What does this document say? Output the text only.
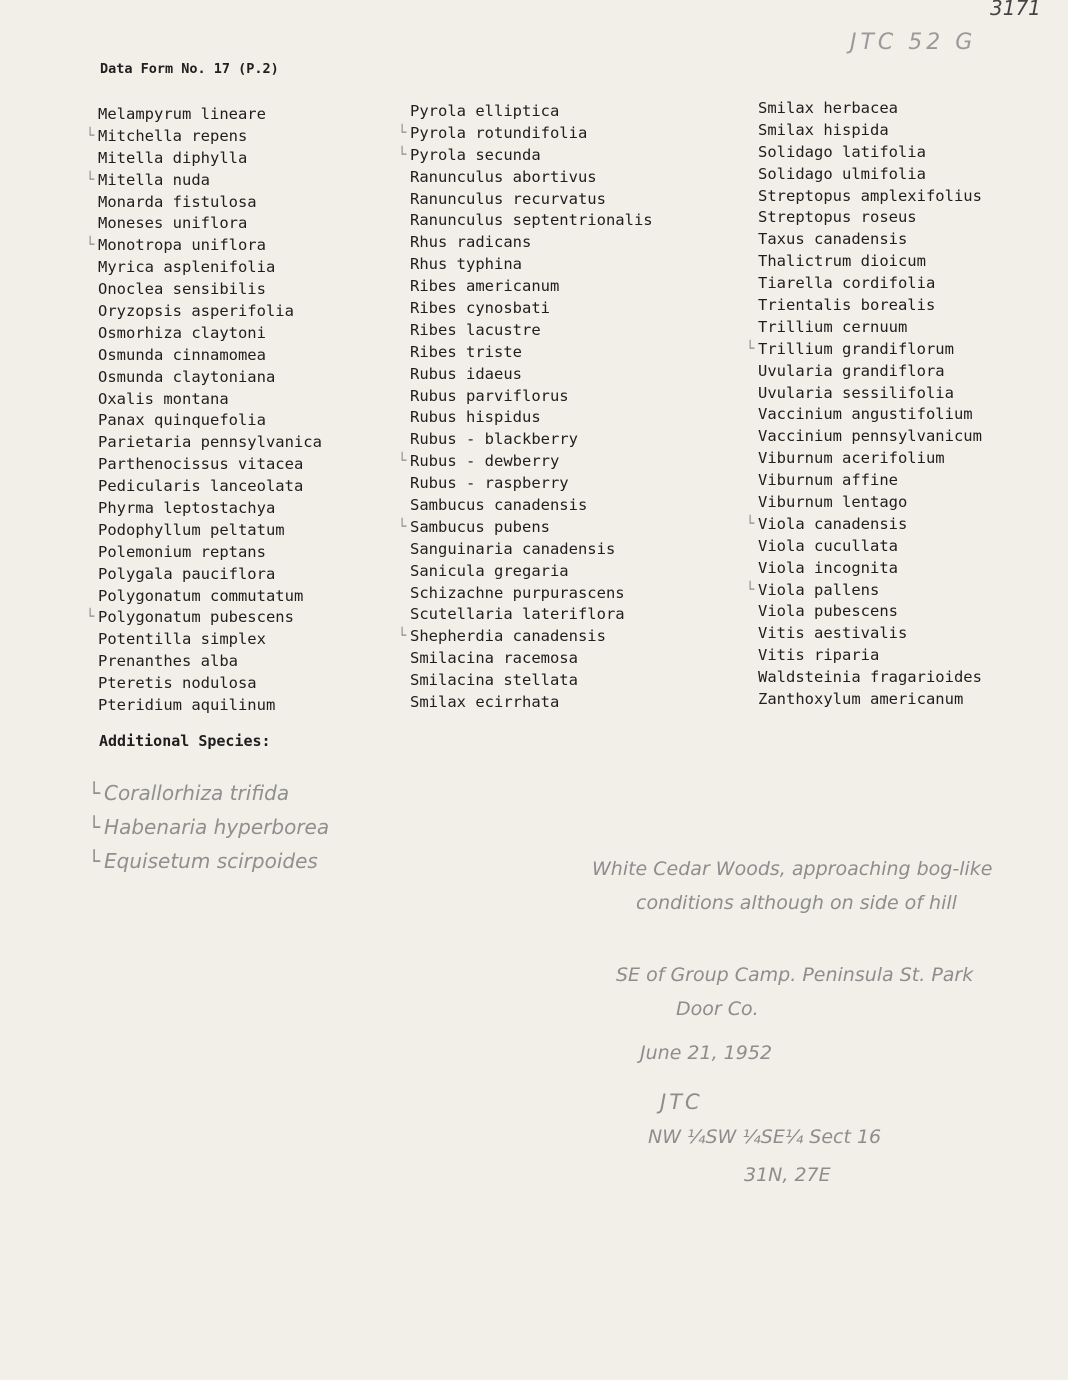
3171
JTC 52 G
Data Form No. 17 (P.2)
Melampyrum lineare
└ Mitchella repens
Mitella diphylla
└ Mitella nuda
Monarda fistulosa
Moneses uniflora
└ Monotropa uniflora
Myrica asplenifolia
Onoclea sensibilis
Oryzopsis asperifolia
Osmorhiza claytoni
Osmunda cinnamomea
Osmunda claytoniana
Oxalis montana
Panax quinquefolia
Parietaria pennsylvanica
Parthenocissus vitacea
Pedicularis lanceolata
Phyrma leptostachya
Podophyllum peltatum
Polemonium reptans
Polygala pauciflora
Polygonatum commutatum
└ Polygonatum pubescens
Potentilla simplex
Prenanthes alba
Pteretis nodulosa
Pteridium aquilinum
Pyrola elliptica
└ Pyrola rotundifolia
└ Pyrola secunda
Ranunculus abortivus
Ranunculus recurvatus
Ranunculus septentrionalis
Rhus radicans
Rhus typhina
Ribes americanum
Ribes cynosbati
Ribes lacustre
Ribes triste
Rubus idaeus
Rubus parviflorus
Rubus hispidus
Rubus - blackberry
└ Rubus - dewberry
Rubus - raspberry
Sambucus canadensis
└ Sambucus pubens
Sanguinaria canadensis
Sanicula gregaria
Schizachne purpurascens
Scutellaria lateriflora
└ Shepherdia canadensis
Smilacina racemosa
Smilacina stellata
Smilax ecirrhata
Smilax herbacea
Smilax hispida
Solidago latifolia
Solidago ulmifolia
Streptopus amplexifolius
Streptopus roseus
Taxus canadensis
Thalictrum dioicum
Tiarella cordifolia
Trientalis borealis
Trillium cernuum
└ Trillium grandiflorum
Uvularia grandiflora
Uvularia sessilifolia
Vaccinium angustifolium
Vaccinium pennsylvanicum
Viburnum acerifolium
Viburnum affine
Viburnum lentago
└ Viola canadensis
Viola cucullata
Viola incognita
└ Viola pallens
Viola pubescens
Vitis aestivalis
Vitis riparia
Waldsteinia fragarioides
Zanthoxylum americanum
Additional Species:
└ Corallorhiza trifida
└ Habenaria hyperborea
└ Equisetum scirpoides	White Cedar Woods, approaching bog-like
conditions although on side of hill
SE of Group Camp. Peninsula St. Park
Door Co.
June 21, 1952
JTC
NW ¼SW ¼SE¼ Sect 16
31N, 27E
